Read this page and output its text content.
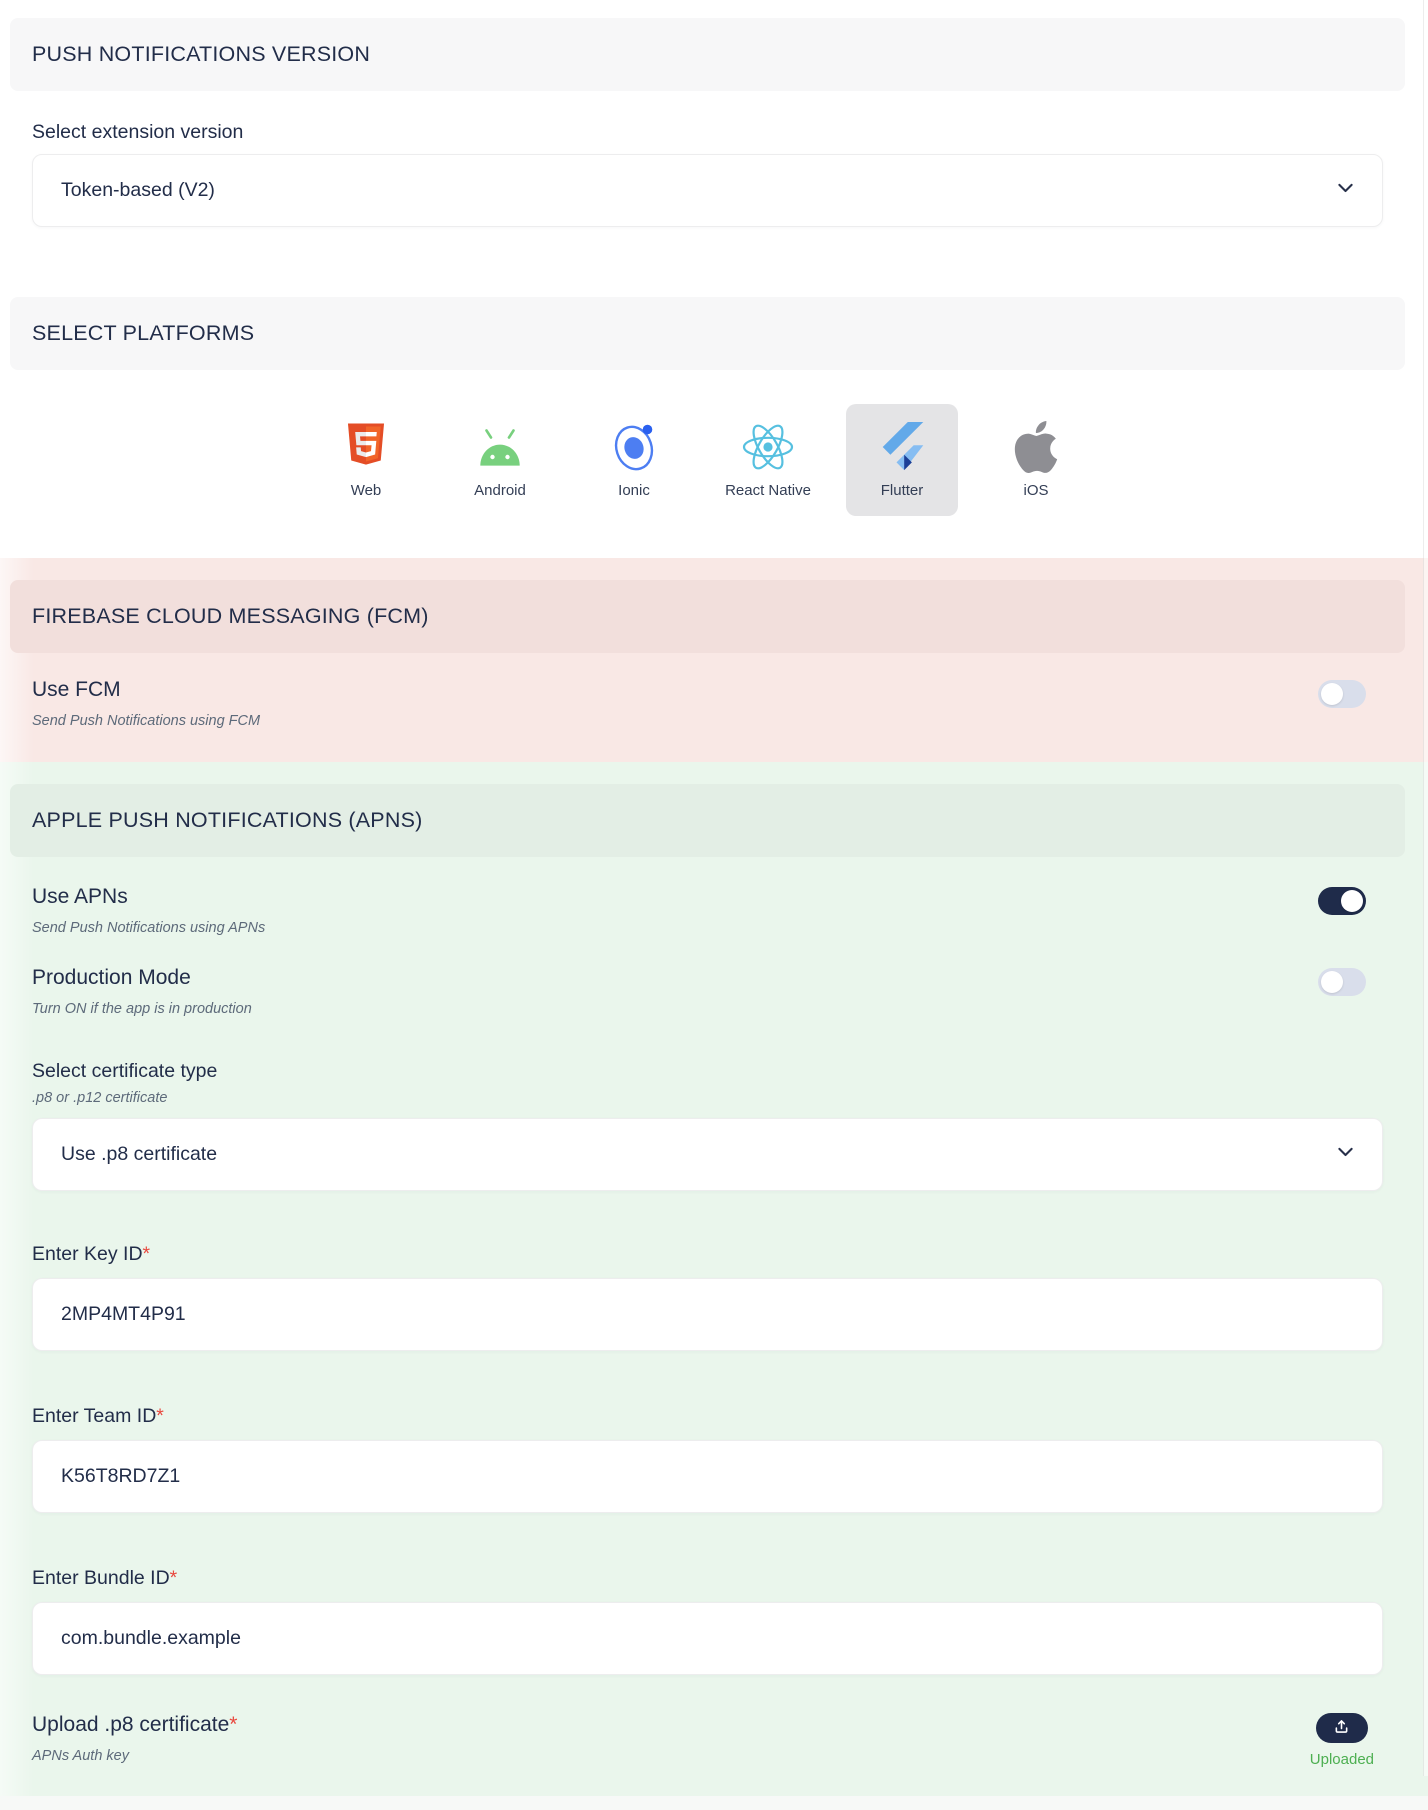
PUSH NOTIFICATIONS VERSION
Select extension version
Token-based (V2)
SELECT PLATFORMS
Web	Android	Ionic	React Native	Flutter	iOS
FIREBASE CLOUD MESSAGING (FCM)
Use FCM
Send Push Notifications using FCM
APPLE PUSH NOTIFICATIONS (APNS)
Use APNs
Send Push Notifications using APNs
Production Mode
Turn ON if the app is in production
Select certificate type
.p8 or .p12 certificate
Use .p8 certificate
Enter Key ID*
2MP4MT4P91
Enter Team ID*
K56T8RD7Z1
Enter Bundle ID*
com.bundle.example
Upload .p8 certificate*
APNs Auth key	Uploaded
